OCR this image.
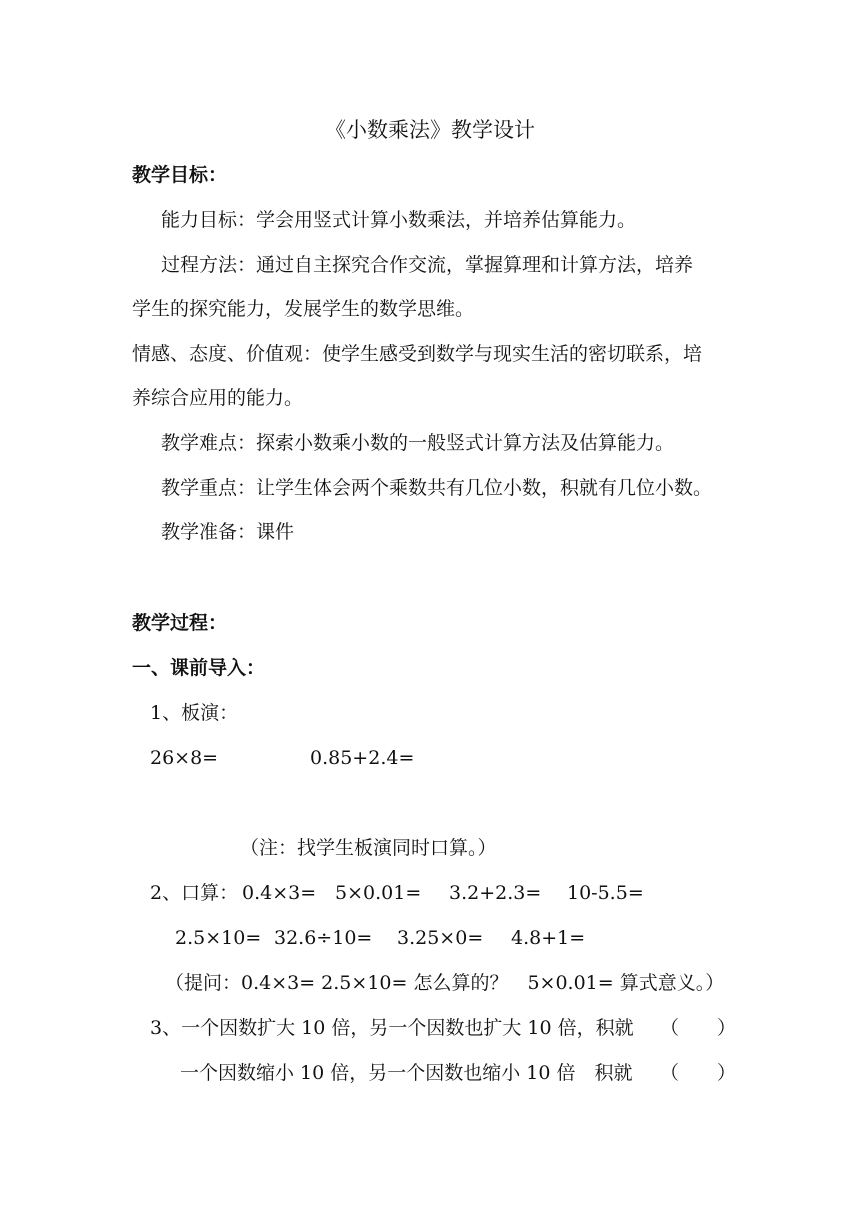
《小数乘法》教学设计
教学目标：
能力目标：学会用竖式计算小数乘法，并培养估算能力。
过程方法：通过自主探究合作交流，掌握算理和计算方法，培养
学生的探究能力，发展学生的数学思维。
情感、态度、价值观：使学生感受到数学与现实生活的密切联系，培
养综合应用的能力。
教学难点：探索小数乘小数的一般竖式计算方法及估算能力。
教学重点：让学生体会两个乘数共有几位小数，积就有几位小数。
教学准备：课件
教学过程：
一、课前导入：
1、板演：
26×8=	0.85+2.4=
（注：找学生板演同时口算。）
2、口算： 0.4×3= 5×0.01= 3.2+2.3= 10-5.5=
2.5×10= 32.6÷10= 3.25×0= 4.8+1=
（提问：0.4×3= 2.5×10= 怎么算的？　5×0.01= 算式意义。）
3、一个因数扩大 10 倍，另一个因数也扩大 10 倍，积就 （　　）
一个因数缩小 10 倍，另一个因数也缩小 10 倍　积就 （　　）
